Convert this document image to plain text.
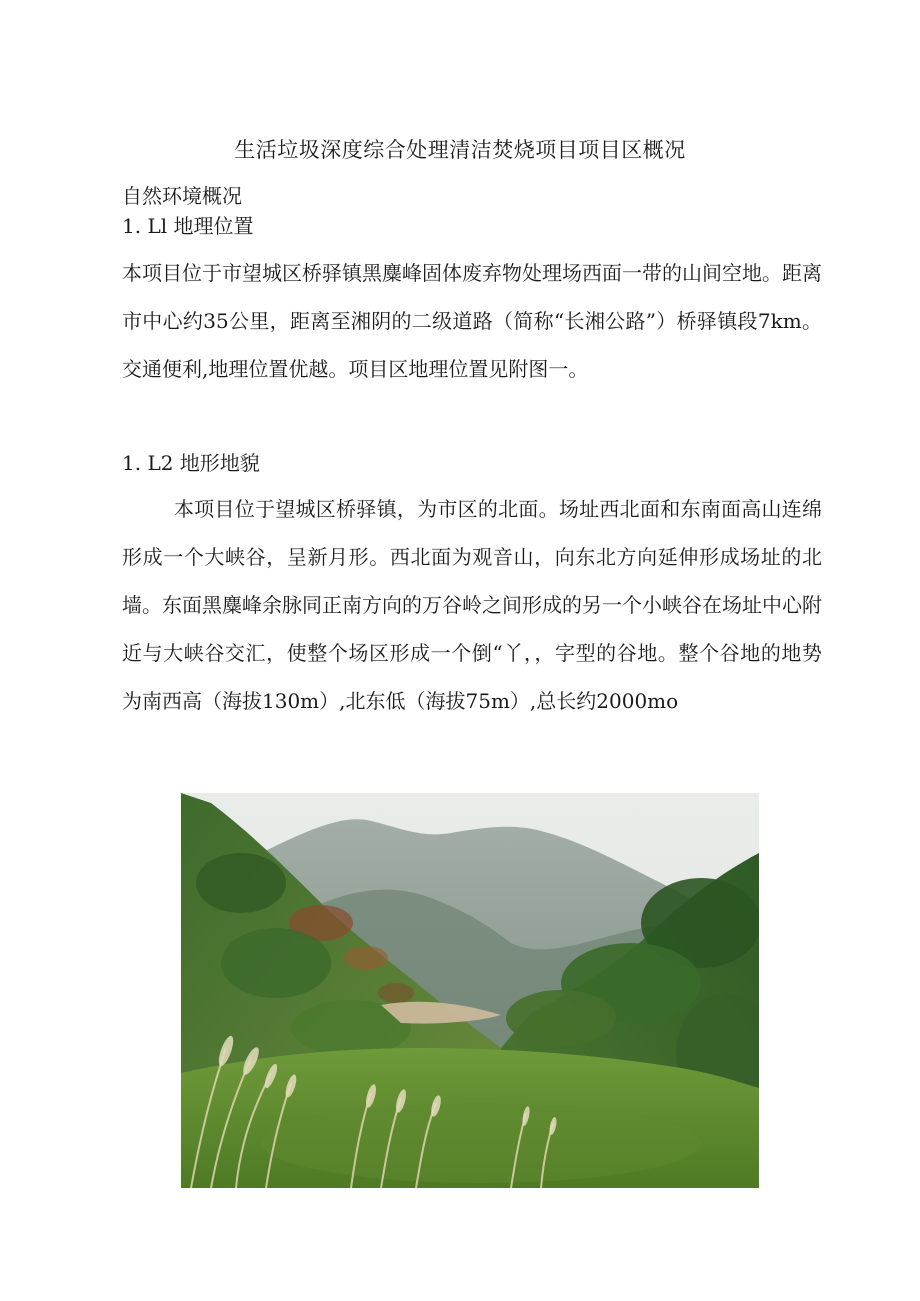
生活垃圾深度综合处理清洁焚烧项目项目区概况
自然环境概况
1. Ll 地理位置

本项目位于市望城区桥驿镇黑麋峰固体废弃物处理场西面一带的山间空地。距离市中心约35公里，距离至湘阴的二级道路（简称“长湘公路”）桥驿镇段7km。交通便利,地理位置优越。项目区地理位置见附图一。

1. L2 地形地貌

本项目位于望城区桥驿镇，为市区的北面。场址西北面和东南面高山连绵形成一个大峡谷，呈新月形。西北面为观音山，向东北方向延伸形成场址的北墙。东面黑麋峰余脉同正南方向的万谷岭之间形成的另一个小峡谷在场址中心附近与大峡谷交汇，使整个场区形成一个倒“丫，，字型的谷地。整个谷地的地势为南西高（海拔130m）,北东低（海拔75m）,总长约2000mo
